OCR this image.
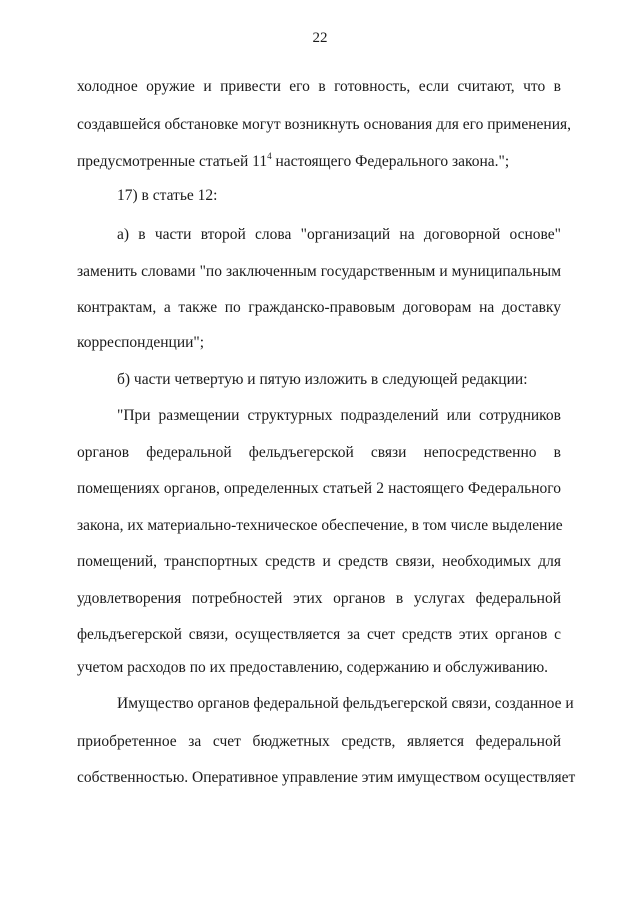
22
холодное оружие и привести его в готовность, если считают, что в
создавшейся обстановке могут возникнуть основания для его применения,
предусмотренные статьей $11^4$ настоящего Федерального закона.";
17) в статье 12:
а) в части второй слова "организаций на договорной основе"
заменить словами "по заключенным государственным и муниципальным
контрактам, а также по гражданско-правовым договорам на доставку
корреспонденции";
б) части четвертую и пятую изложить в следующей редакции:
"При размещении структурных подразделений или сотрудников
органов федеральной фельдъегерской связи непосредственно в
помещениях органов, определенных статьей 2 настоящего Федерального
закона, их материально-техническое обеспечение, в том числе выделение
помещений, транспортных средств и средств связи, необходимых для
удовлетворения потребностей этих органов в услугах федеральной
фельдъегерской связи, осуществляется за счет средств этих органов с
учетом расходов по их предоставлению, содержанию и обслуживанию.
Имущество органов федеральной фельдъегерской связи, созданное и
приобретенное за счет бюджетных средств, является федеральной
собственностью. Оперативное управление этим имуществом осуществляет
